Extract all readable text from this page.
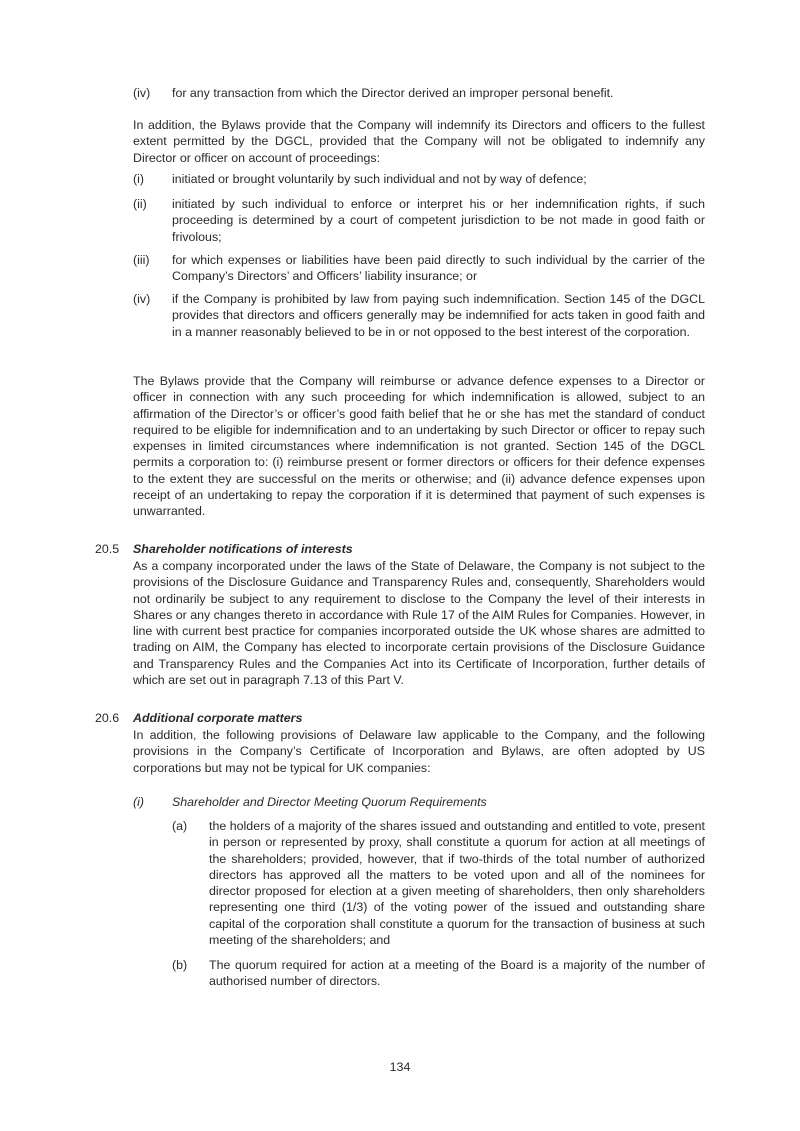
(iv)	for any transaction from which the Director derived an improper personal benefit.

In addition, the Bylaws provide that the Company will indemnify its Directors and officers to the fullest extent permitted by the DGCL, provided that the Company will not be obligated to indemnify any Director or officer on account of proceedings:

(i)	initiated or brought voluntarily by such individual and not by way of defence;
(ii)	initiated by such individual to enforce or interpret his or her indemnification rights, if such proceeding is determined by a court of competent jurisdiction to be not made in good faith or frivolous;
(iii)	for which expenses or liabilities have been paid directly to such individual by the carrier of the Company’s Directors’ and Officers’ liability insurance; or
(iv)	if the Company is prohibited by law from paying such indemnification. Section 145 of the DGCL provides that directors and officers generally may be indemnified for acts taken in good faith and in a manner reasonably believed to be in or not opposed to the best interest of the corporation.

The Bylaws provide that the Company will reimburse or advance defence expenses to a Director or officer in connection with any such proceeding for which indemnification is allowed, subject to an affirmation of the Director’s or officer’s good faith belief that he or she has met the standard of conduct required to be eligible for indemnification and to an undertaking by such Director or officer to repay such expenses in limited circumstances where indemnification is not granted. Section 145 of the DGCL permits a corporation to: (i) reimburse present or former directors or officers for their defence expenses to the extent they are successful on the merits or otherwise; and (ii) advance defence expenses upon receipt of an undertaking to repay the corporation if it is determined that payment of such expenses is unwarranted.

20.5 Shareholder notifications of interests

As a company incorporated under the laws of the State of Delaware, the Company is not subject to the provisions of the Disclosure Guidance and Transparency Rules and, consequently, Shareholders would not ordinarily be subject to any requirement to disclose to the Company the level of their interests in Shares or any changes thereto in accordance with Rule 17 of the AIM Rules for Companies. However, in line with current best practice for companies incorporated outside the UK whose shares are admitted to trading on AIM, the Company has elected to incorporate certain provisions of the Disclosure Guidance and Transparency Rules and the Companies Act into its Certificate of Incorporation, further details of which are set out in paragraph 7.13 of this Part V.

20.6 Additional corporate matters

In addition, the following provisions of Delaware law applicable to the Company, and the following provisions in the Company’s Certificate of Incorporation and Bylaws, are often adopted by US corporations but may not be typical for UK companies:

(i) Shareholder and Director Meeting Quorum Requirements
(a) the holders of a majority of the shares issued and outstanding and entitled to vote, present in person or represented by proxy, shall constitute a quorum for action at all meetings of the shareholders; provided, however, that if two-thirds of the total number of authorized directors has approved all the matters to be voted upon and all of the nominees for director proposed for election at a given meeting of shareholders, then only shareholders representing one third (1/3) of the voting power of the issued and outstanding share capital of the corporation shall constitute a quorum for the transaction of business at such meeting of the shareholders; and
(b) The quorum required for action at a meeting of the Board is a majority of the number of authorised number of directors.
134
